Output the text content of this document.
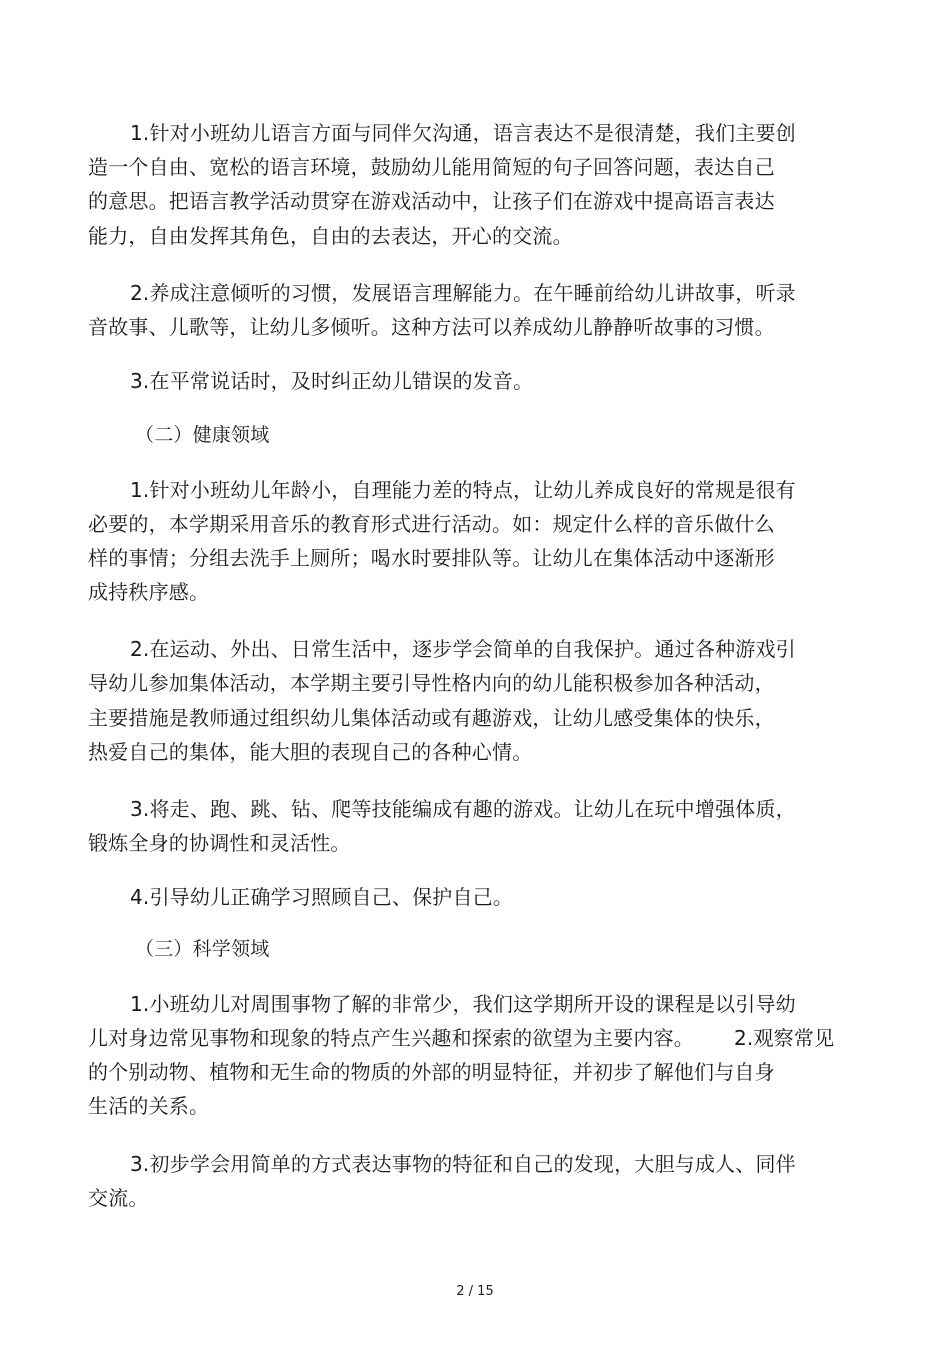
1.针对小班幼儿语言方面与同伴欠沟通，语言表达不是很清楚，我们主要创
造一个自由、宽松的语言环境，鼓励幼儿能用简短的句子回答问题，表达自己
的意思。把语言教学活动贯穿在游戏活动中，让孩子们在游戏中提高语言表达
能力，自由发挥其角色，自由的去表达，开心的交流。
2.养成注意倾听的习惯，发展语言理解能力。在午睡前给幼儿讲故事，听录
音故事、儿歌等，让幼儿多倾听。这种方法可以养成幼儿静静听故事的习惯。
3.在平常说话时，及时纠正幼儿错误的发音。
（二）健康领域
1.针对小班幼儿年龄小，自理能力差的特点，让幼儿养成良好的常规是很有
必要的，本学期采用音乐的教育形式进行活动。如：规定什么样的音乐做什么
样的事情；分组去洗手上厕所；喝水时要排队等。让幼儿在集体活动中逐渐形
成持秩序感。
2.在运动、外出、日常生活中，逐步学会简单的自我保护。通过各种游戏引
导幼儿参加集体活动，本学期主要引导性格内向的幼儿能积极参加各种活动，
主要措施是教师通过组织幼儿集体活动或有趣游戏，让幼儿感受集体的快乐，
热爱自己的集体，能大胆的表现自己的各种心情。
3.将走、跑、跳、钻、爬等技能编成有趣的游戏。让幼儿在玩中增强体质，
锻炼全身的协调性和灵活性。
4.引导幼儿正确学习照顾自己、保护自己。
（三）科学领域
1.小班幼儿对周围事物了解的非常少，我们这学期所开设的课程是以引导幼
儿对身边常见事物和现象的特点产生兴趣和探索的欲望为主要内容。 2.观察常见
的个别动物、植物和无生命的物质的外部的明显特征，并初步了解他们与自身
生活的关系。
3.初步学会用简单的方式表达事物的特征和自己的发现，大胆与成人、同伴
交流。
2 / 15
